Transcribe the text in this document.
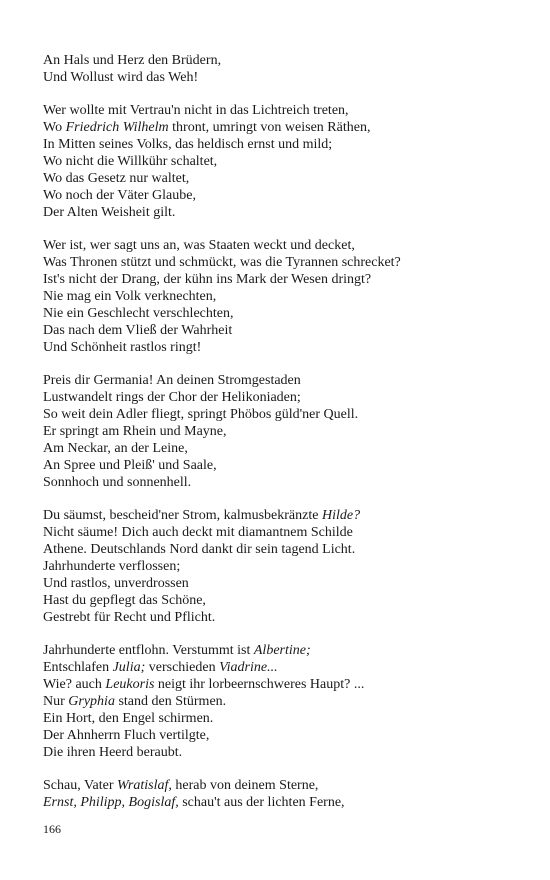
An Hals und Herz den Brüdern,
Und Wollust wird das Weh!
Wer wollte mit Vertrau'n nicht in das Lichtreich treten,
Wo Friedrich Wilhelm thront, umringt von weisen Räthen,
In Mitten seines Volks, das heldisch ernst und mild;
Wo nicht die Willkühr schaltet,
Wo das Gesetz nur waltet,
Wo noch der Väter Glaube,
Der Alten Weisheit gilt.
Wer ist, wer sagt uns an, was Staaten weckt und decket,
Was Thronen stützt und schmückt, was die Tyrannen schrecket?
Ist's nicht der Drang, der kühn ins Mark der Wesen dringt?
Nie mag ein Volk verknechten,
Nie ein Geschlecht verschlechten,
Das nach dem Vließ der Wahrheit
Und Schönheit rastlos ringt!
Preis dir Germania! An deinen Stromgestaden
Lustwandelt rings der Chor der Helikoniaden;
So weit dein Adler fliegt, springt Phöbos güld'ner Quell.
Er springt am Rhein und Mayne,
Am Neckar, an der Leine,
An Spree und Pleiß' und Saale,
Sonnhoch und sonnenhell.
Du säumst, bescheid'ner Strom, kalmusbekränzte Hilde?
Nicht säume! Dich auch deckt mit diamantnem Schilde
Athene. Deutschlands Nord dankt dir sein tagend Licht.
Jahrhunderte verflossen;
Und rastlos, unverdrossen
Hast du gepflegt das Schöne,
Gestrebt für Recht und Pflicht.
Jahrhunderte entflohn. Verstummt ist Albertine;
Entschlafen Julia; verschieden Viadrine...
Wie? auch Leukoris neigt ihr lorbeernschweres Haupt? ...
Nur Gryphia stand den Stürmen.
Ein Hort, den Engel schirmen.
Der Ahnherrn Fluch vertilgte,
Die ihren Heerd beraubt.
Schau, Vater Wratislaf, herab von deinem Sterne,
Ernst, Philipp, Bogislaf, schau't aus der lichten Ferne,
166
